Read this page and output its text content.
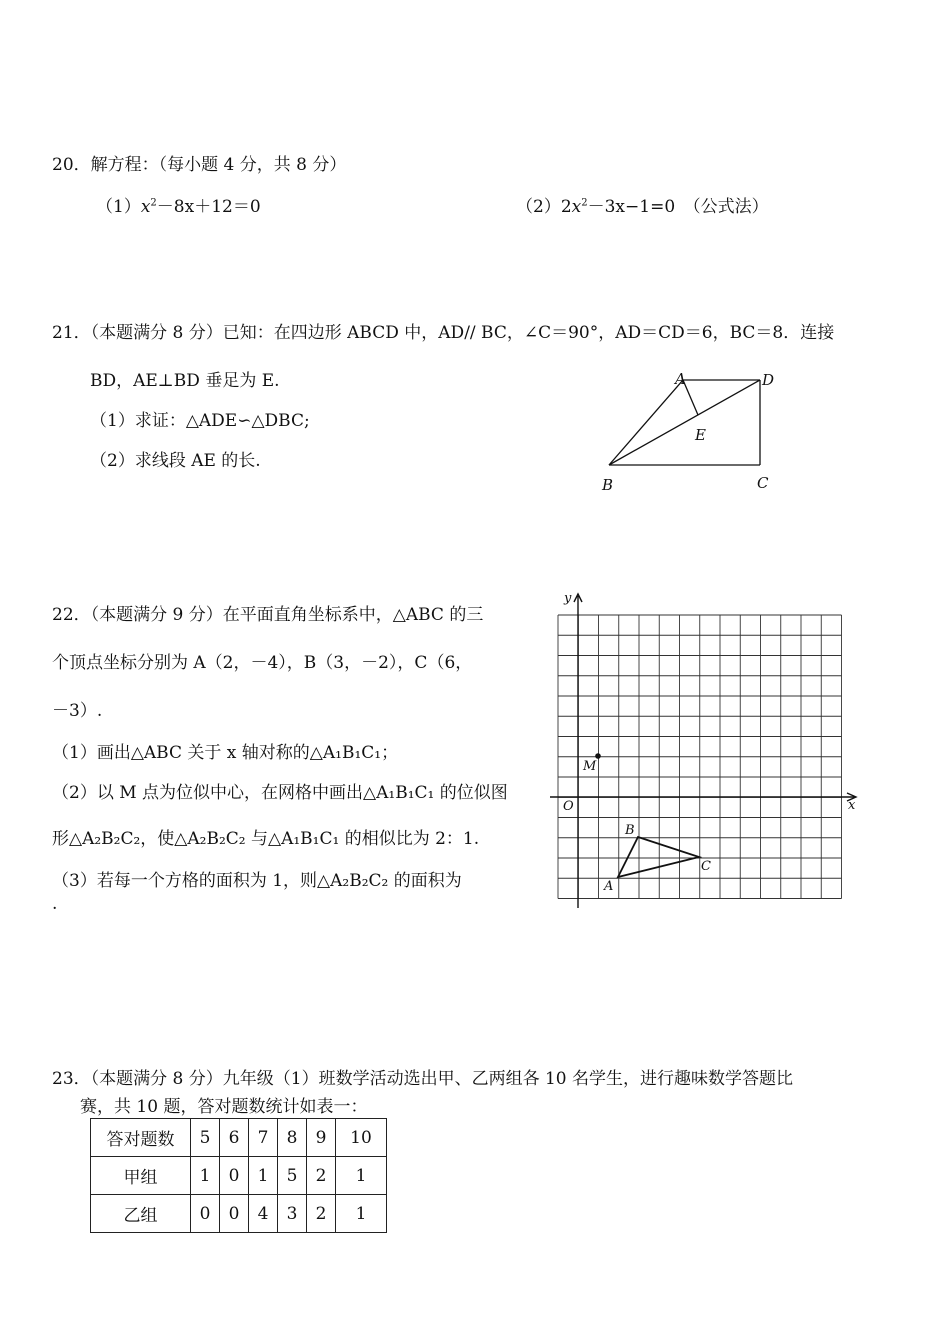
20．解方程：（每小题 4 分，共 8 分）
$(1)x^2-8x+12=0$	$(2)2x^2-3x-1=0$　（公式法）
21．（本题满分 8 分）已知：在四边形 ABCD 中，AD// BC，∠C＝90°，AD＝CD＝6，BC＝8．连接
BD，AE⊥BD 垂足为 E.
（1）求证：△ADE∽△DBC;
（2）求线段 AE 的长.
A	D
E
B	C
22．（本题满分 9 分）在平面直角坐标系中，△ABC 的三
个顶点坐标分别为 A（2，－4），B（3，－2），C（6，
－3）.
（1）画出△ABC 关于 x 轴对称的△A₁B₁C₁；
（2）以 M 点为位似中心，在网格中画出△A₁B₁C₁ 的位似图
形△A₂B₂C₂，使△A₂B₂C₂ 与△A₁B₁C₁ 的相似比为 2：1.
（3）若每一个方格的面积为 1，则△A₂B₂C₂ 的面积为
.
y
x
O
M
A
B
C
23．（本题满分 8 分）九年级（1）班数学活动选出甲、乙两组各 10 名学生，进行趣味数学答题比
赛，共 10 题，答对题数统计如表一：
答对题数	5	6	7	8	9	10
甲组	1	0	1	5	2	1
乙组	0	0	4	3	2	1
